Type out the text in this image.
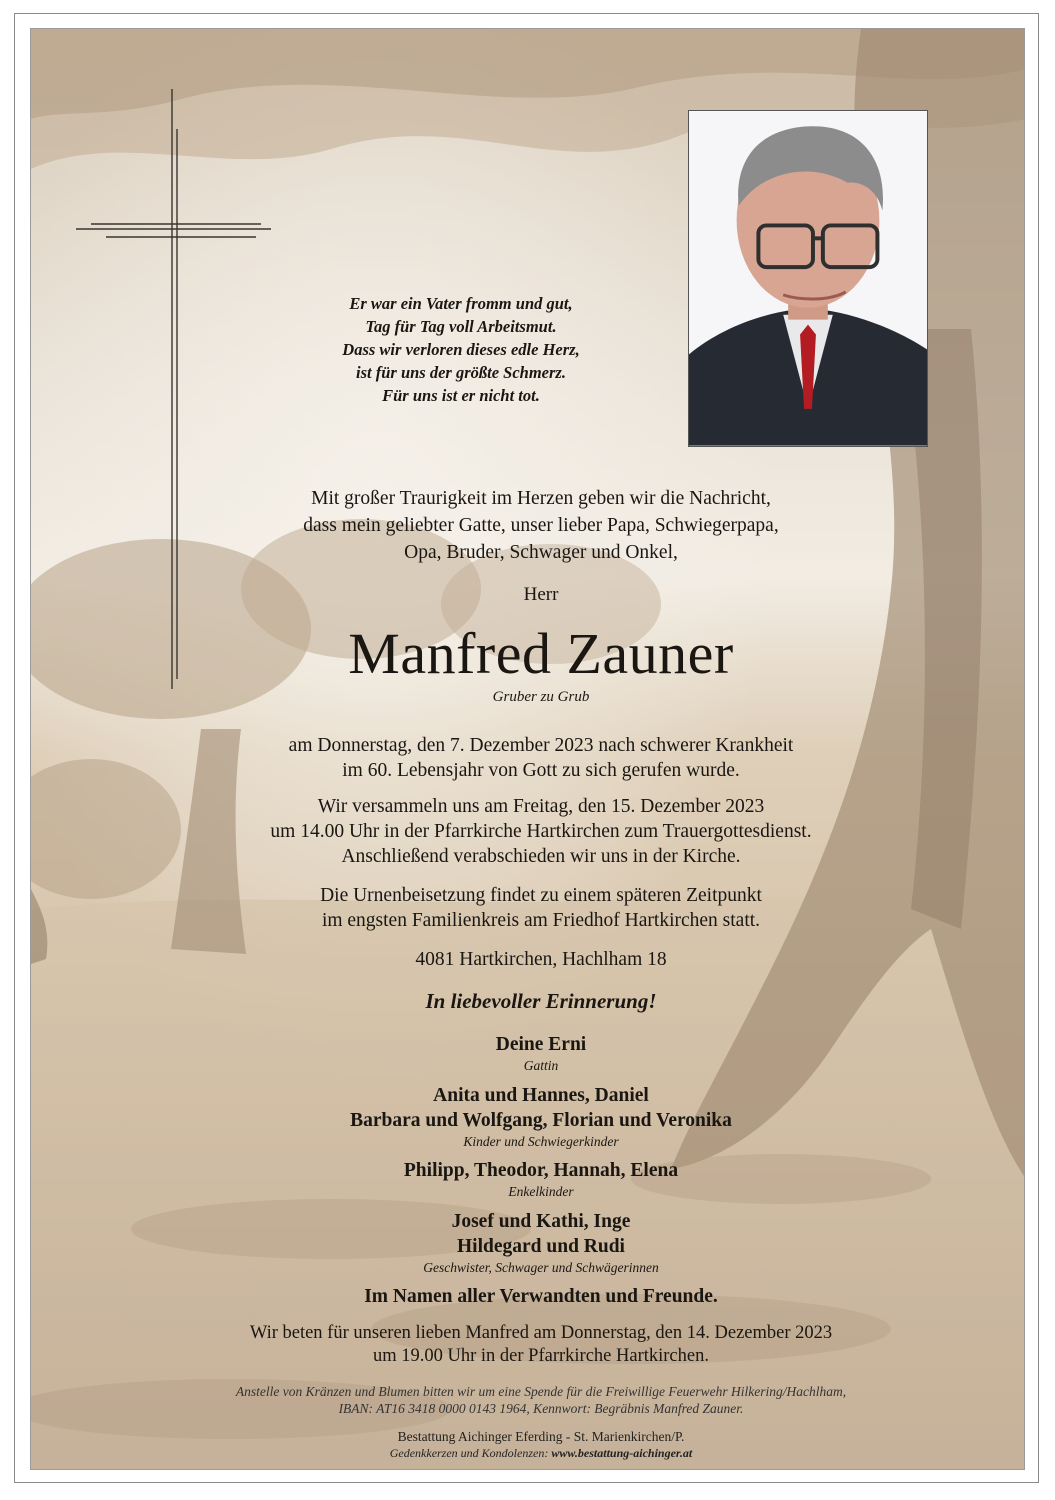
Er war ein Vater fromm und gut,
Tag für Tag voll Arbeitsmut.
Dass wir verloren dieses edle Herz,
ist für uns der größte Schmerz.
Für uns ist er nicht tot.
Mit großer Traurigkeit im Herzen geben wir die Nachricht,
dass mein geliebter Gatte, unser lieber Papa, Schwiegerpapa,
Opa, Bruder, Schwager und Onkel,
Herr
Manfred Zauner
Gruber zu Grub
am Donnerstag, den 7. Dezember 2023 nach schwerer Krankheit
im 60. Lebensjahr von Gott zu sich gerufen wurde.
Wir versammeln uns am Freitag, den 15. Dezember 2023
um 14.00 Uhr in der Pfarrkirche Hartkirchen zum Trauergottesdienst.
Anschließend verabschieden wir uns in der Kirche.
Die Urnenbeisetzung findet zu einem späteren Zeitpunkt
im engsten Familienkreis am Friedhof Hartkirchen statt.
4081 Hartkirchen, Hachlham 18
In liebevoller Erinnerung!
Deine Erni
Gattin
Anita und Hannes, Daniel
Barbara und Wolfgang, Florian und Veronika
Kinder und Schwiegerkinder
Philipp, Theodor, Hannah, Elena
Enkelkinder
Josef und Kathi, Inge
Hildegard und Rudi
Geschwister, Schwager und Schwägerinnen
Im Namen aller Verwandten und Freunde.
Wir beten für unseren lieben Manfred am Donnerstag, den 14. Dezember 2023
um 19.00 Uhr in der Pfarrkirche Hartkirchen.
Anstelle von Kränzen und Blumen bitten wir um eine Spende für die Freiwillige Feuerwehr Hilkering/Hachlham,
IBAN: AT16 3418 0000 0143 1964, Kennwort: Begräbnis Manfred Zauner.
Bestattung Aichinger Eferding - St. Marienkirchen/P.
Gedenkkerzen und Kondolenzen: www.bestattung-aichinger.at
